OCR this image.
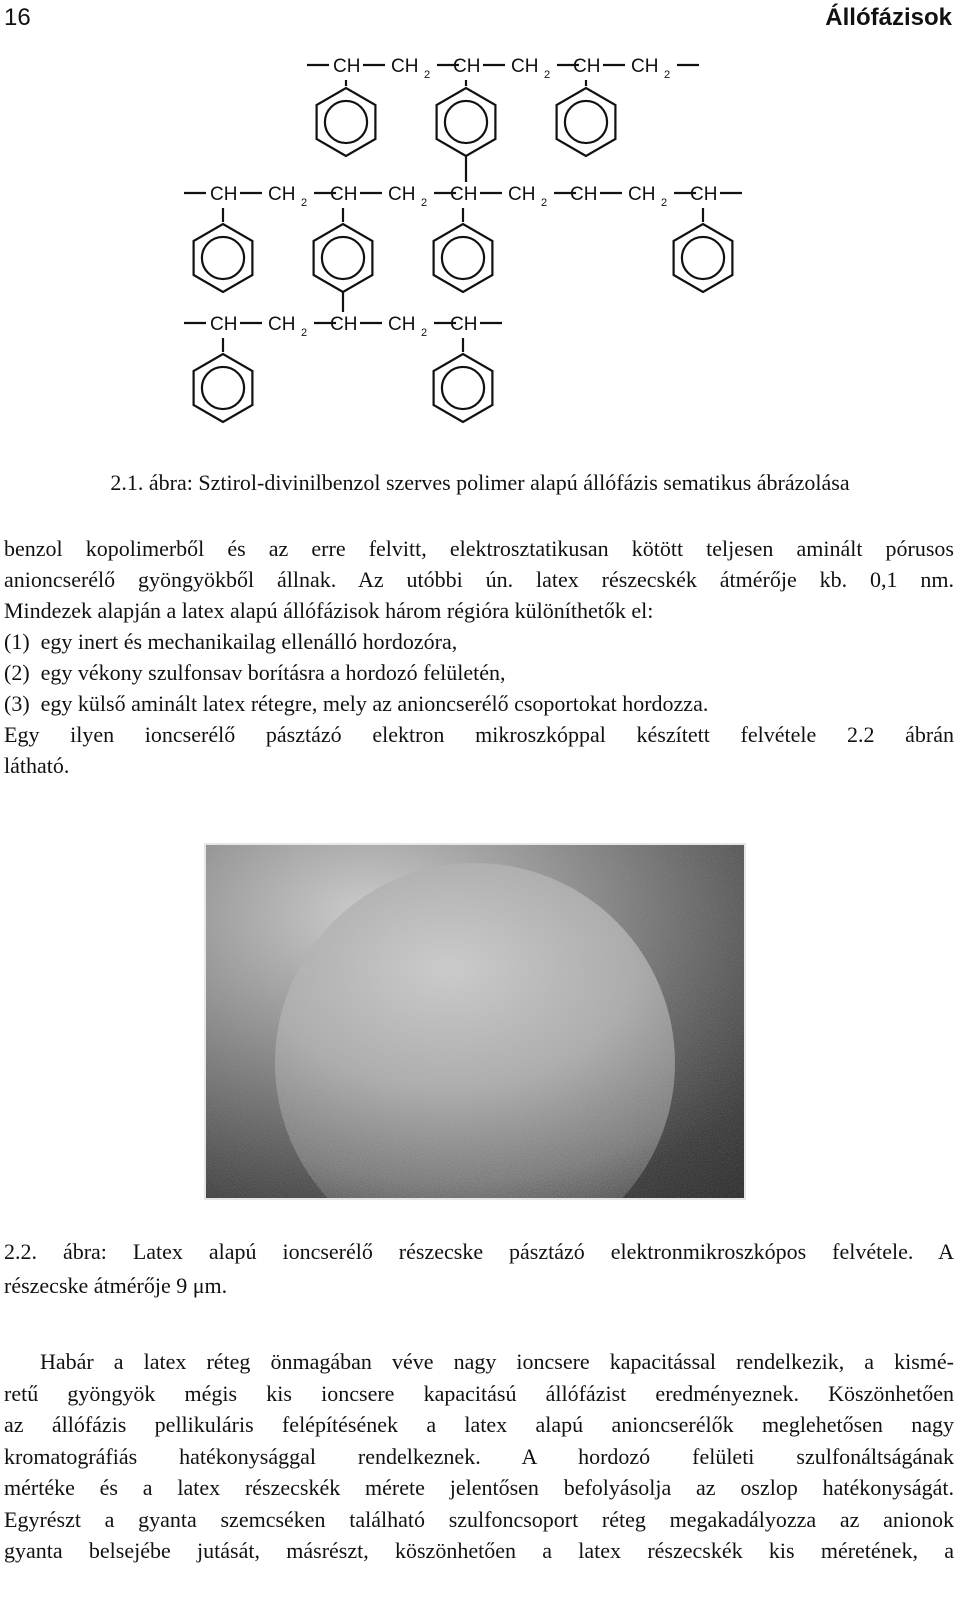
16	Állófázisok
CH CH 2 CH CH 2 CH CH 2
CH CH 2 CH CH 2 CH CH 2 CH CH 2 CH
CH CH 2 CH CH 2 CH
2.1. ábra: Sztirol-divinilbenzol szerves polimer alapú állófázis sematikus ábrázolása

benzol kopolimerből és az erre felvitt, elektrosztatikusan kötött teljesen aminált pórusos

anioncserélő gyöngyökből állnak. Az utóbbi ún. latex részecskék átmérője kb. 0,1 nm.

Mindezek alapján a latex alapú állófázisok három régióra különíthetők el:

(1)  egy inert és mechanikailag ellenálló hordozóra,

(2)  egy vékony szulfonsav borításra a hordozó felületén,

(3)  egy külső aminált latex rétegre, mely az anioncserélő csoportokat hordozza.

Egy ilyen ioncserélő pásztázó elektron mikroszkóppal készített felvétele 2.2 ábrán

látható.

2.2. ábra: Latex alapú ioncserélő részecske pásztázó elektronmikroszkópos felvétele. A

részecske átmérője 9 μm.

Habár a latex réteg önmagában véve nagy ioncsere kapacitással rendelkezik, a kismé-

retű gyöngyök mégis kis ioncsere kapacitású állófázist eredményeznek. Köszönhetően

az állófázis pellikuláris felépítésének a latex alapú anioncserélők meglehetősen nagy

kromatográfiás hatékonysággal rendelkeznek. A hordozó felületi szulfonáltságának

mértéke és a latex részecskék mérete jelentősen befolyásolja az oszlop hatékonyságát.

Egyrészt a gyanta szemcséken található szulfoncsoport réteg megakadályozza az anionok

gyanta belsejébe jutását, másrészt, köszönhetően a latex részecskék kis méretének, a
